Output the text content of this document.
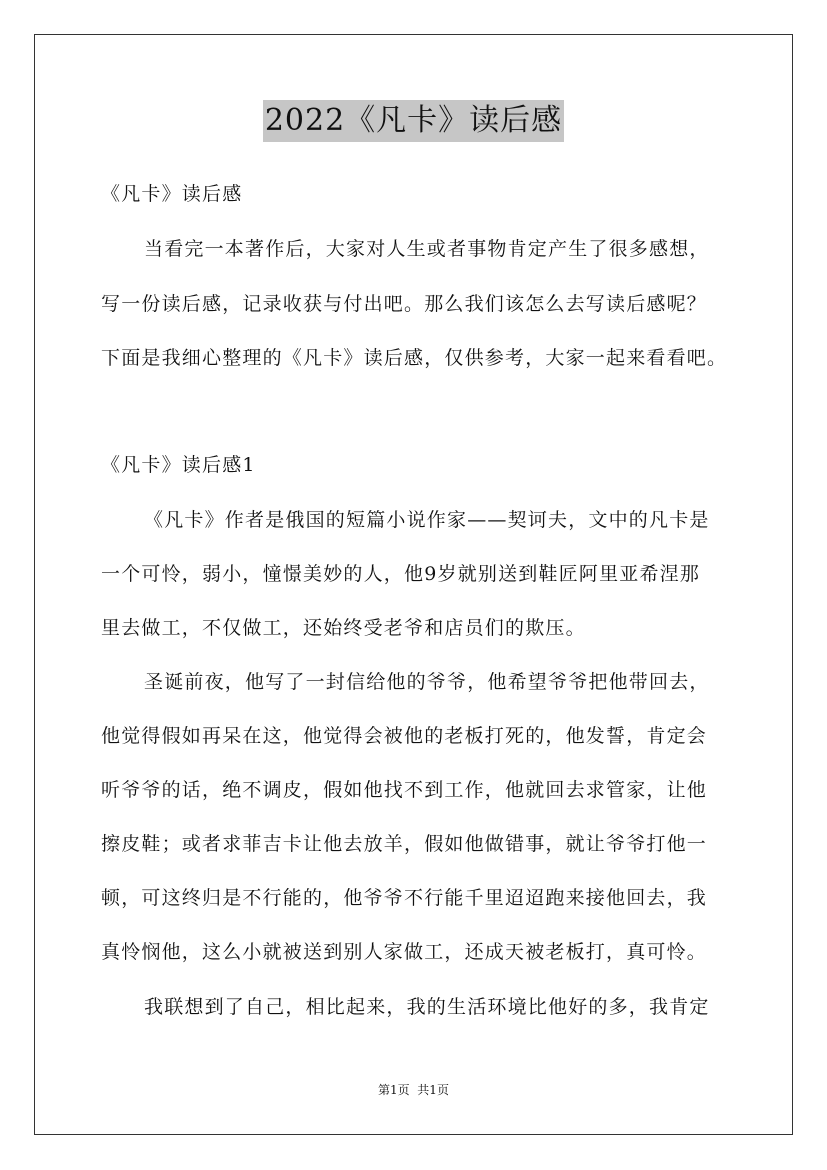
2022《凡卡》读后感
《凡卡》读后感
当看完一本著作后，大家对人生或者事物肯定产生了很多感想，
写一份读后感，记录收获与付出吧。那么我们该怎么去写读后感呢？
下面是我细心整理的《凡卡》读后感，仅供参考，大家一起来看看吧。
《凡卡》读后感1
《凡卡》作者是俄国的短篇小说作家——契诃夫，文中的凡卡是
一个可怜，弱小，憧憬美妙的人，他9岁就别送到鞋匠阿里亚希涅那
里去做工，不仅做工，还始终受老爷和店员们的欺压。
圣诞前夜，他写了一封信给他的爷爷，他希望爷爷把他带回去，
他觉得假如再呆在这，他觉得会被他的老板打死的，他发誓，肯定会
听爷爷的话，绝不调皮，假如他找不到工作，他就回去求管家，让他
擦皮鞋；或者求菲吉卡让他去放羊，假如他做错事，就让爷爷打他一
顿，可这终归是不行能的，他爷爷不行能千里迢迢跑来接他回去，我
真怜悯他，这么小就被送到别人家做工，还成天被老板打，真可怜。
我联想到了自己，相比起来，我的生活环境比他好的多，我肯定
第1页  共1页
